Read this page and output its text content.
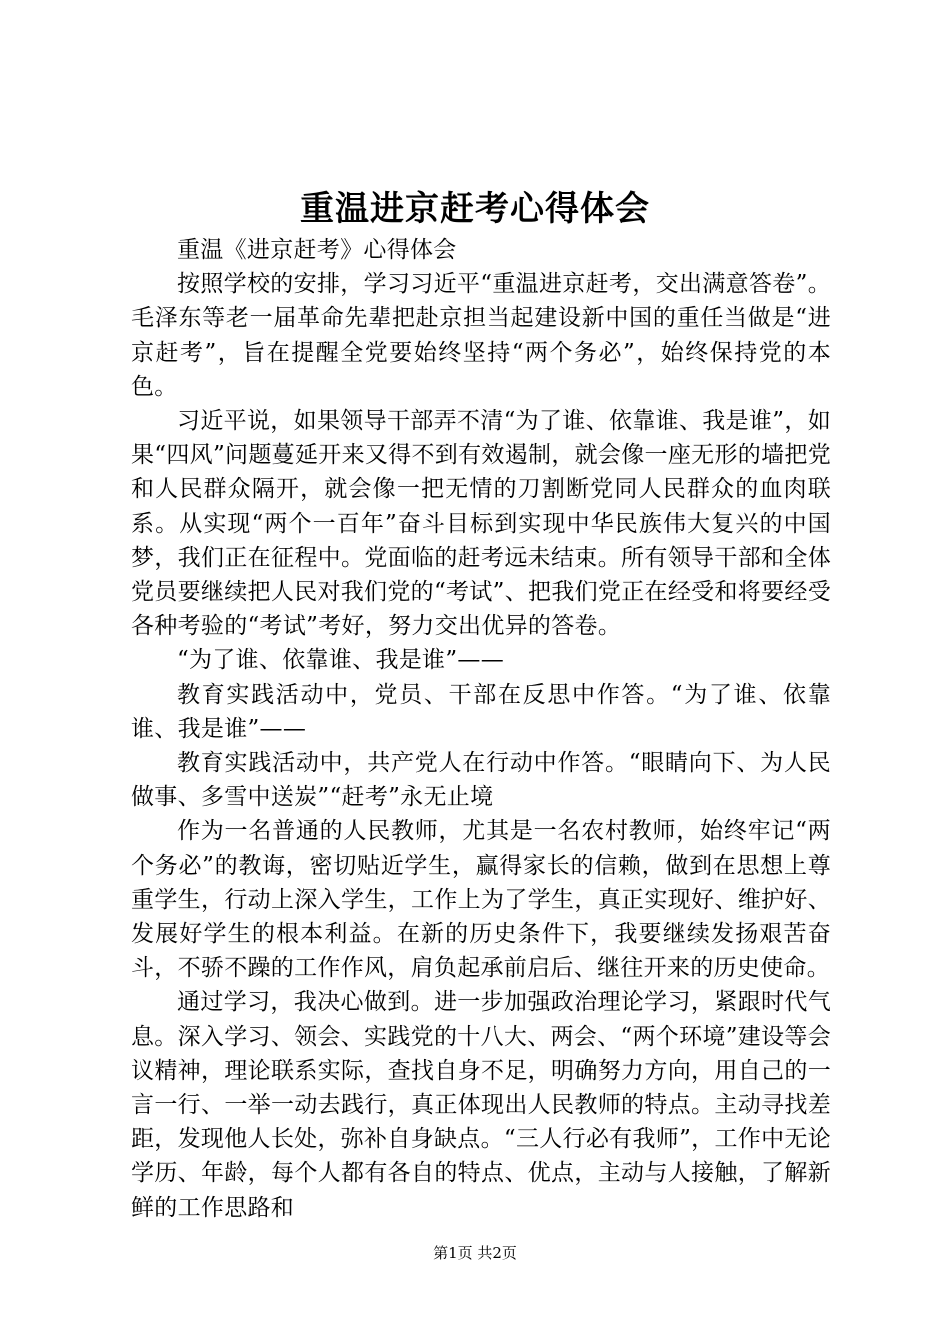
重温进京赶考心得体会

重温《进京赶考》心得体会

按照学校的安排，学习习近平“重温进京赶考，交出满意答卷”。毛泽东等老一届革命先辈把赴京担当起建设新中国的重任当做是“进京赶考”，旨在提醒全党要始终坚持“两个务必”，始终保持党的本色。

习近平说，如果领导干部弄不清“为了谁、依靠谁、我是谁”，如果“四风”问题蔓延开来又得不到有效遏制，就会像一座无形的墙把党和人民群众隔开，就会像一把无情的刀割断党同人民群众的血肉联系。从实现“两个一百年”奋斗目标到实现中华民族伟大复兴的中国梦，我们正在征程中。党面临的赶考远未结束。所有领导干部和全体党员要继续把人民对我们党的“考试”、把我们党正在经受和将要经受各种考验的“考试”考好，努力交出优异的答卷。

“为了谁、依靠谁、我是谁”——

教育实践活动中，党员、干部在反思中作答。“为了谁、依靠谁、我是谁”——

教育实践活动中，共产党人在行动中作答。“眼睛向下、为人民做事、多雪中送炭”“赶考”永无止境

作为一名普通的人民教师，尤其是一名农村教师，始终牢记“两个务必”的教诲，密切贴近学生，赢得家长的信赖，做到在思想上尊重学生，行动上深入学生，工作上为了学生，真正实现好、维护好、发展好学生的根本利益。在新的历史条件下，我要继续发扬艰苦奋斗，不骄不躁的工作作风，肩负起承前启后、继往开来的历史使命。

通过学习，我决心做到。进一步加强政治理论学习，紧跟时代气息。深入学习、领会、实践党的十八大、两会、“两个环境”建设等会议精神，理论联系实际，查找自身不足，明确努力方向，用自己的一言一行、一举一动去践行，真正体现出人民教师的特点。主动寻找差距，发现他人长处，弥补自身缺点。“三人行必有我师”，工作中无论学历、年龄，每个人都有各自的特点、优点，主动与人接触，了解新鲜的工作思路和

第1页 共2页
